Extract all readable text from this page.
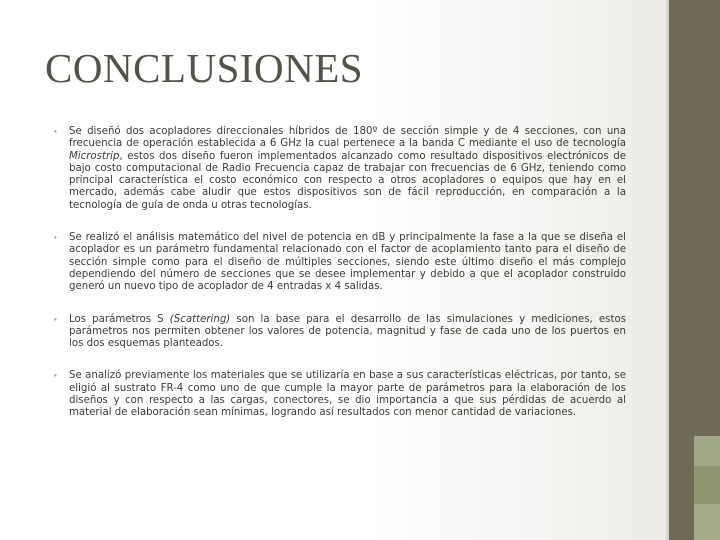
CONCLUSIONES
• Se diseñó dos acopladores direccionales híbridos de 180º de sección simple y de 4 secciones, con una frecuencia de operación establecida a 6 GHz la cual pertenece a la banda C mediante el uso de tecnología Microstrip, estos dos diseño fueron implementados alcanzado como resultado dispositivos electrónicos de bajo costo computacional de Radio Frecuencia capaz de trabajar con frecuencias de 6 GHz, teniendo como principal característica el costo económico con respecto a otros acopladores o equipos que hay en el mercado, además cabe aludir que estos dispositivos son de fácil reproducción, en comparación a la tecnología de guía de onda u otras tecnologías.

• Se realizó el análisis matemático del nivel de potencia en dB y principalmente la fase a la que se diseña el acoplador es un parámetro fundamental relacionado con el factor de acoplamiento tanto para el diseño de sección simple como para el diseño de múltiples secciones, siendo este último diseño el más complejo dependiendo del número de secciones que se desee implementar y debido a que el acoplador construido generó un nuevo tipo de acoplador de 4 entradas x 4 salidas.

• Los parámetros S (Scattering) son la base para el desarrollo de las simulaciones y mediciones, estos parámetros nos permiten obtener los valores de potencia, magnitud y fase de cada uno de los puertos en los dos esquemas planteados.

• Se analizó previamente los materiales que se utilizaría en base a sus características eléctricas, por tanto, se eligió al sustrato FR-4 como uno de que cumple la mayor parte de parámetros para la elaboración de los diseños y con respecto a las cargas, conectores, se dio importancia a que sus pérdidas de acuerdo al material de elaboración sean mínimas, logrando así resultados con menor cantidad de variaciones.
